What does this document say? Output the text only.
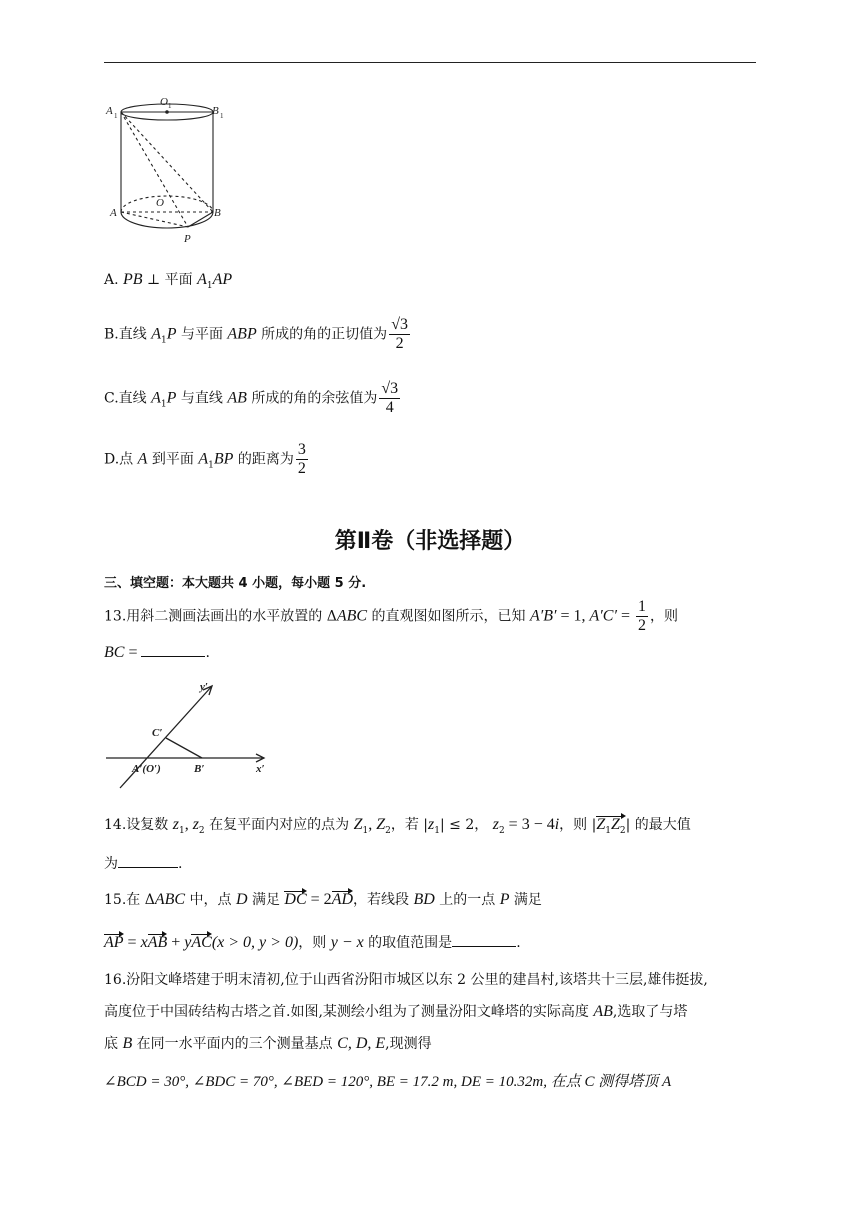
A 1
O 1	B 1
A
O
B
P
A. PB ⊥ 平面 $A_1AP$
B.直线 $A_1P$ 与平面 ABP 所成的角的正切值为 $\frac{√3}{2}$
C.直线 $A_1P$ 与直线 AB 所成的角的余弦值为 $\frac{√3}{4}$
D.点 A 到平面 $A_1BP$ 的距离为 $\frac{3}{2}$
第Ⅱ卷（非选择题）
三、填空题：本大题共 4 小题，每小题 5 分.
13.用斜二测画法画出的水平放置的 ΔABC 的直观图如图所示，已知 A′B′ = 1, $A'C' = \frac{1}{2}$ ，则
BC =	.
y′
C′
A′(O′)	B′	x′
14.设复数 $z_1$, $z_2$ 在复平面内对应的点为 $Z_1$, $Z_2$，若 $|z_1| \le 2$， $z_2 = 3 - 4i$，则 $|Z_1Z_2|$ 的最大值
为	.
15.在 ΔABC 中，点 D 满足 DC = 2AD，若线段 BD 上的一点 P 满足
AP = xAB + yAC(x > 0, y > 0)，则 y − x 的取值范围是	.
16.汾阳文峰塔建于明末清初,位于山西省汾阳市城区以东 2 公里的建昌村,该塔共十三层,雄伟挺拔,
高度位于中国砖结构古塔之首.如图,某测绘小组为了测量汾阳文峰塔的实际高度 AB,选取了与塔
底 B 在同一水平面内的三个测量基点 C, D, E,现测得
∠BCD = 30°, ∠BDC = 70°, ∠BED = 120°, BE = 17.2 m, DE = 10.32m, 在点 C 测得塔顶 A
